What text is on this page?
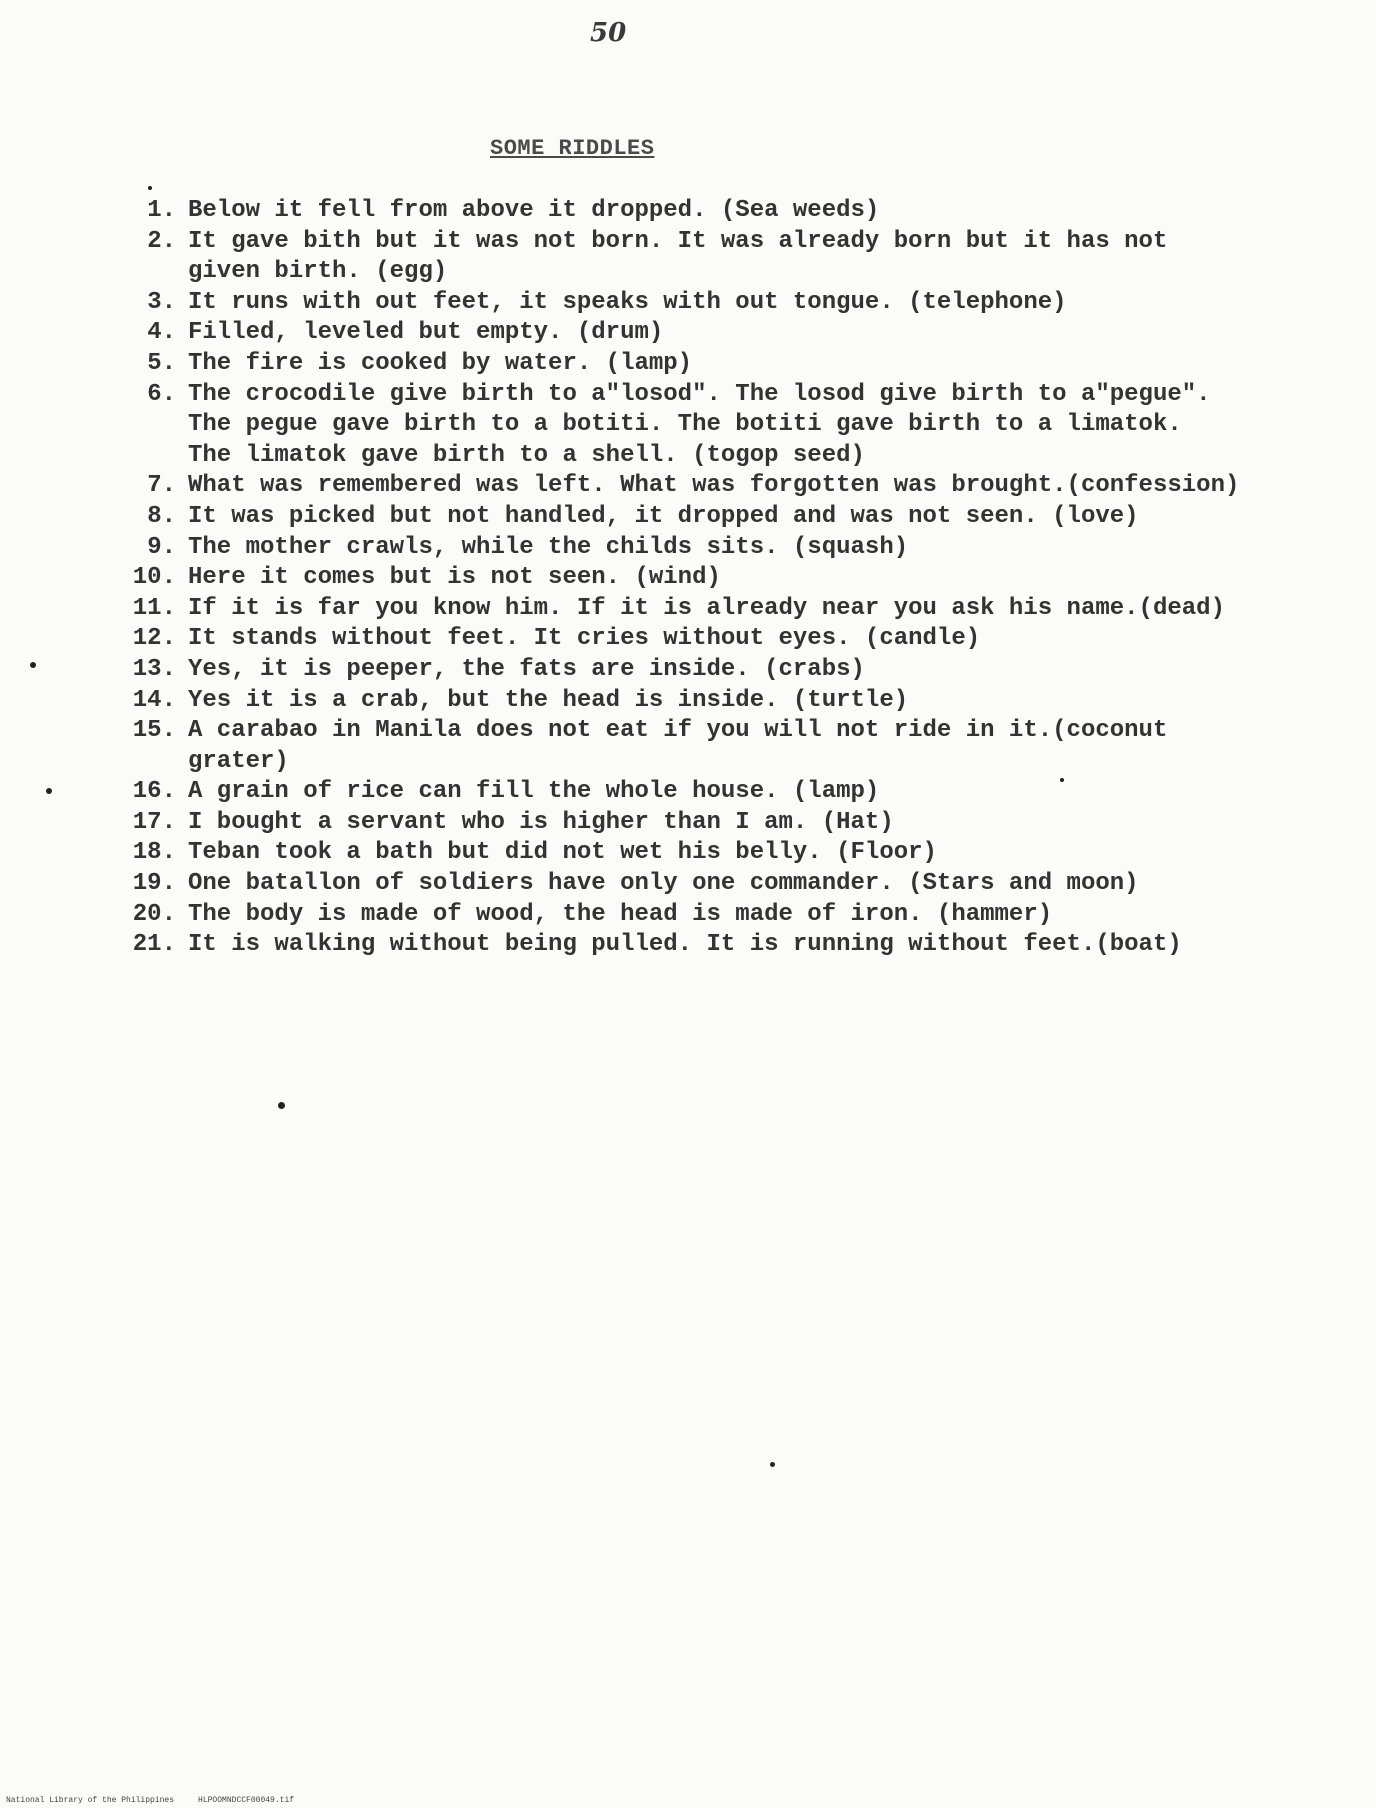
50
SOME RIDDLES
1. Below it fell from above it dropped. (Sea weeds)
2. It gave bith but it was not born. It was already born but it has not
given birth. (egg)
3. It runs with out feet, it speaks with out tongue. (telephone)
4. Filled, leveled but empty. (drum)
5. The fire is cooked by water. (lamp)
6. The crocodile give birth to a"losod". The losod give birth to a"pegue".
The pegue gave birth to a botiti. The botiti gave birth to a limatok.
The limatok gave birth to a shell. (togop seed)
7. What was remembered was left. What was forgotten was brought.(confession)
8. It was picked but not handled, it dropped and was not seen. (love)
9. The mother crawls, while the childs sits. (squash)
10. Here it comes but is not seen. (wind)
11. If it is far you know him. If it is already near you ask his name.(dead)
12. It stands without feet. It cries without eyes. (candle)
13. Yes, it is peeper, the fats are inside. (crabs)
14. Yes it is a crab, but the head is inside. (turtle)
15. A carabao in Manila does not eat if you will not ride in it.(coconut
grater)
16. A grain of rice can fill the whole house. (lamp)
17. I bought a servant who is higher than I am. (Hat)
18. Teban took a bath but did not wet his belly. (Floor)
19. One batallon of soldiers have only one commander. (Stars and moon)
20. The body is made of wood, the head is made of iron. (hammer)
21. It is walking without being pulled. It is running without feet.(boat)
National Library of the Philippines     HLPOOMNDCCF00049.tif
